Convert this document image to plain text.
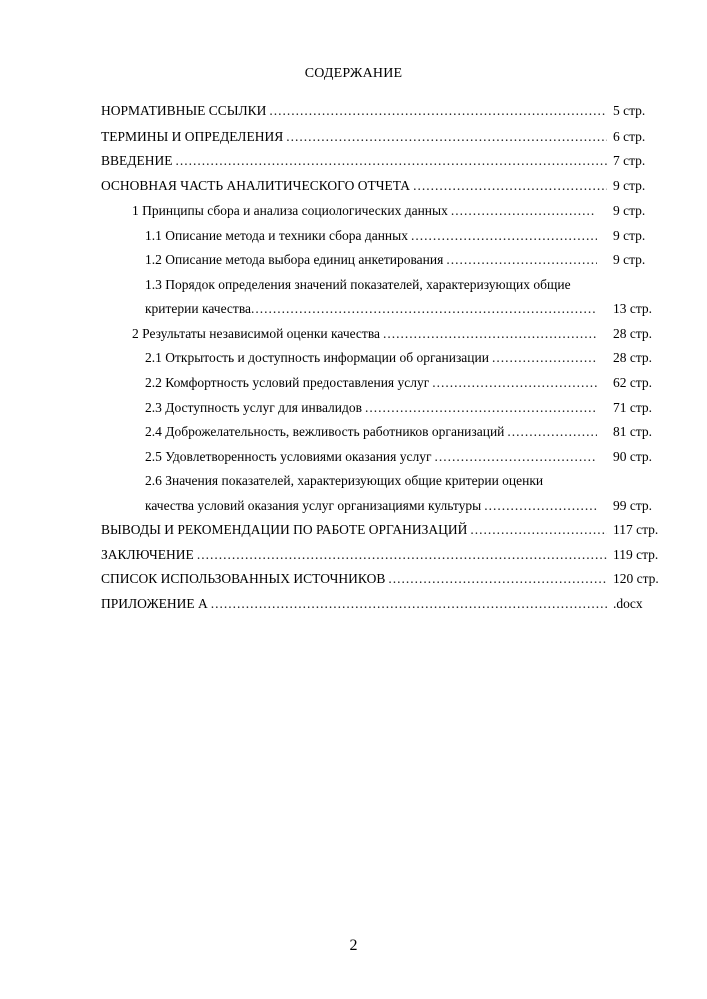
СОДЕРЖАНИЕ
НОРМАТИВНЫЕ ССЫЛКИ .....	5 стр.
ТЕРМИНЫ И ОПРЕДЕЛЕНИЯ .....	6 стр.
ВВЕДЕНИЕ .....	7 стр.
ОСНОВНАЯ ЧАСТЬ АНАЛИТИЧЕСКОГО ОТЧЕТА .....	9 стр.
1 Принципы сбора и анализа социологических данных .....	9 стр.
1.1 Описание метода и техники сбора данных .....	9 стр.
1.2 Описание метода выбора единиц анкетирования .....	9 стр.
1.3 Порядок определения значений показателей, характеризующих общие
критерии качества .....	13 стр.
2 Результаты независимой оценки качества .....	28 стр.
2.1 Открытость и доступность информации об организации .....	28 стр.
2.2 Комфортность условий предоставления услуг .....	62 стр.
2.3 Доступность услуг для инвалидов .....	71 стр.
2.4 Доброжелательность, вежливость работников организаций .....	81 стр.
2.5 Удовлетворенность условиями оказания услуг .....	90 стр.
2.6 Значения показателей, характеризующих общие критерии оценки
качества условий оказания услуг организациями культуры .....	99 стр.
ВЫВОДЫ И РЕКОМЕНДАЦИИ ПО РАБОТЕ ОРГАНИЗАЦИЙ .....	117 стр.
ЗАКЛЮЧЕНИЕ .....	119 стр.
СПИСОК ИСПОЛЬЗОВАННЫХ ИСТОЧНИКОВ .....	120 стр.
ПРИЛОЖЕНИЕ А .....	.docx
2
